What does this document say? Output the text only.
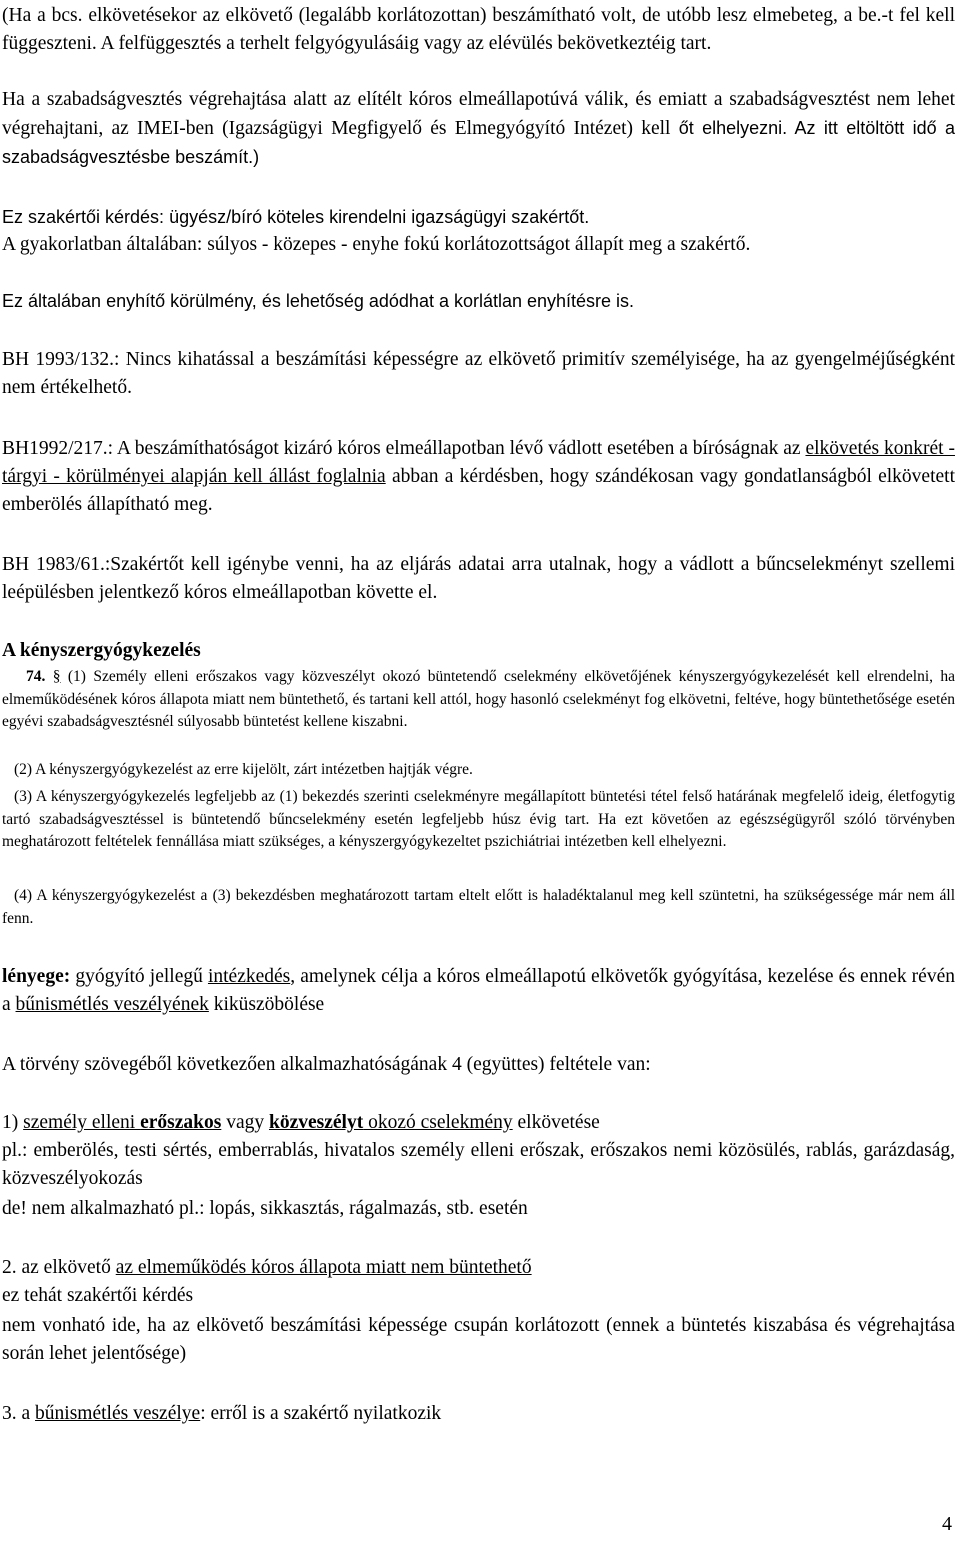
(Ha a bcs. elkövetésekor az elkövető (legalább korlátozottan) beszámítható volt, de utóbb lesz elmebeteg, a be.-t fel kell függeszteni. A felfüggesztés a terhelt felgyógyulásáig vagy az elévülés bekövetkeztéig tart.

Ha a szabadságvesztés végrehajtása alatt az elítélt kóros elmeállapotúvá válik, és emiatt a szabadságvesztést nem lehet végrehajtani, az IMEI-ben (Igazságügyi Megfigyelő és Elmegyógyító Intézet) kell őt elhelyezni. Az itt eltöltött idő a szabadságvesztésbe beszámít.)

Ez szakértői kérdés: ügyész/bíró köteles kirendelni igazságügyi szakértőt.

A gyakorlatban általában: súlyos - közepes - enyhe fokú korlátozottságot állapít meg a szakértő.

Ez általában enyhítő körülmény, és lehetőség adódhat a korlátlan enyhítésre is.

BH 1993/132.: Nincs kihatással a beszámítási képességre az elkövető primitív személyisége, ha az gyengelméjűségként nem értékelhető.

BH1992/217.: A beszámíthatóságot kizáró kóros elmeállapotban lévő vádlott esetében a bíróságnak az elkövetés konkrét - tárgyi - körülményei alapján kell állást foglalnia abban a kérdésben, hogy szándékosan vagy gondatlanságból elkövetett emberölés állapítható meg.

BH 1983/61.:Szakértőt kell igénybe venni, ha az eljárás adatai arra utalnak, hogy a vádlott a bűncselekményt szellemi leépülésben jelentkező kóros elmeállapotban követte el.

A kényszergyógykezelés

74. § (1) Személy elleni erőszakos vagy közveszélyt okozó büntetendő cselekmény elkövetőjének kényszergyógykezelését kell elrendelni, ha elmeműködésének kóros állapota miatt nem büntethető, és tartani kell attól, hogy hasonló cselekményt fog elkövetni, feltéve, hogy büntethetősége esetén egyévi szabadságvesztésnél súlyosabb büntetést kellene kiszabni.

(2) A kényszergyógykezelést az erre kijelölt, zárt intézetben hajtják végre.

(3) A kényszergyógykezelés legfeljebb az (1) bekezdés szerinti cselekményre megállapított büntetési tétel felső határának megfelelő ideig, életfogytig tartó szabadságvesztéssel is büntetendő bűncselekmény esetén legfeljebb húsz évig tart. Ha ezt követően az egészségügyről szóló törvényben meghatározott feltételek fennállása miatt szükséges, a kényszergyógykezeltet pszichiátriai intézetben kell elhelyezni.

(4) A kényszergyógykezelést a (3) bekezdésben meghatározott tartam eltelt előtt is haladéktalanul meg kell szüntetni, ha szükségessége már nem áll fenn.

lényege: gyógyító jellegű intézkedés, amelynek célja a kóros elmeállapotú elkövetők gyógyítása, kezelése és ennek révén a bűnismétlés veszélyének kiküszöbölése

A törvény szövegéből következően alkalmazhatóságának 4 (együttes) feltétele van:

1) személy elleni erőszakos vagy közveszélyt okozó cselekmény elkövetése

pl.: emberölés, testi sértés, emberrablás, hivatalos személy elleni erőszak, erőszakos nemi közösülés, rablás, garázdaság, közveszélyokozás

de! nem alkalmazható pl.: lopás, sikkasztás, rágalmazás, stb. esetén

2. az elkövető az elmeműködés kóros állapota miatt nem büntethető

ez tehát szakértői kérdés

nem vonható ide, ha az elkövető beszámítási képessége csupán korlátozott (ennek a büntetés kiszabása és végrehajtása során lehet jelentősége)

3. a bűnismétlés veszélye: erről is a szakértő nyilatkozik

4
